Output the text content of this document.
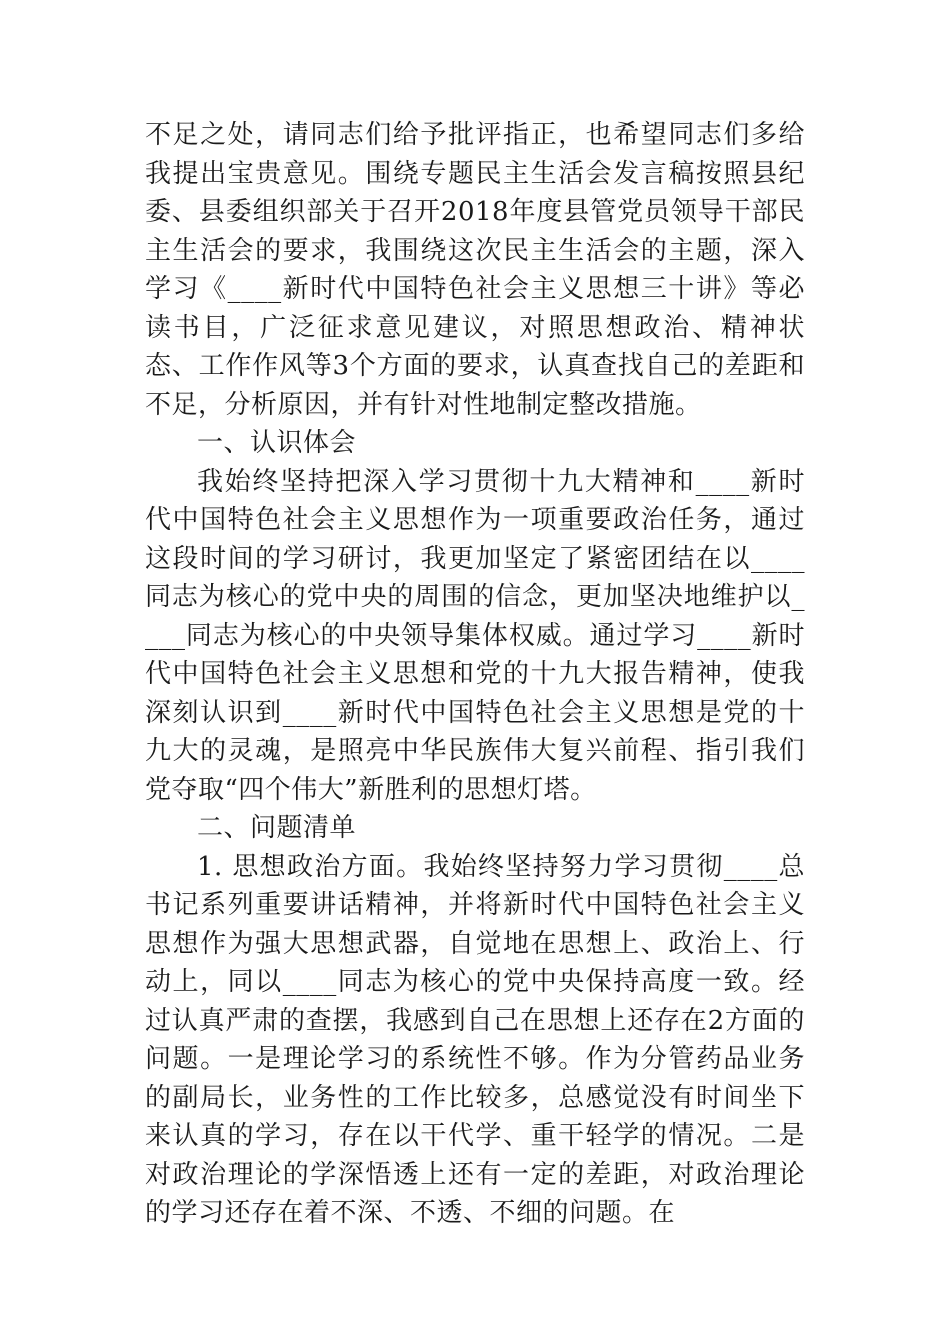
不足之处，请同志们给予批评指正，也希望同志们多给我提出宝贵意见。围绕专题民主生活会发言稿按照县纪委、县委组织部关于召开2018年度县管党员领导干部民主生活会的要求，我围绕这次民主生活会的主题，深入学习《____新时代中国特色社会主义思想三十讲》等必读书目，广泛征求意见建议，对照思想政治、精神状态、工作作风等3个方面的要求，认真查找自己的差距和不足，分析原因，并有针对性地制定整改措施。

一、认识体会

我始终坚持把深入学习贯彻十九大精神和____新时代中国特色社会主义思想作为一项重要政治任务，通过这段时间的学习研讨，我更加坚定了紧密团结在以____同志为核心的党中央的周围的信念，更加坚决地维护以____同志为核心的中央领导集体权威。通过学习____新时代中国特色社会主义思想和党的十九大报告精神，使我深刻认识到____新时代中国特色社会主义思想是党的十九大的灵魂，是照亮中华民族伟大复兴前程、指引我们党夺取“四个伟大”新胜利的思想灯塔。

二、问题清单

1. 思想政治方面。我始终坚持努力学习贯彻____总书记系列重要讲话精神，并将新时代中国特色社会主义思想作为强大思想武器，自觉地在思想上、政治上、行动上，同以____同志为核心的党中央保持高度一致。经过认真严肃的查摆，我感到自己在思想上还存在2方面的问题。一是理论学习的系统性不够。作为分管药品业务的副局长，业务性的工作比较多，总感觉没有时间坐下来认真的学习，存在以干代学、重干轻学的情况。二是对政治理论的学深悟透上还有一定的差距，对政治理论的学习还存在着不深、不透、不细的问题。在
